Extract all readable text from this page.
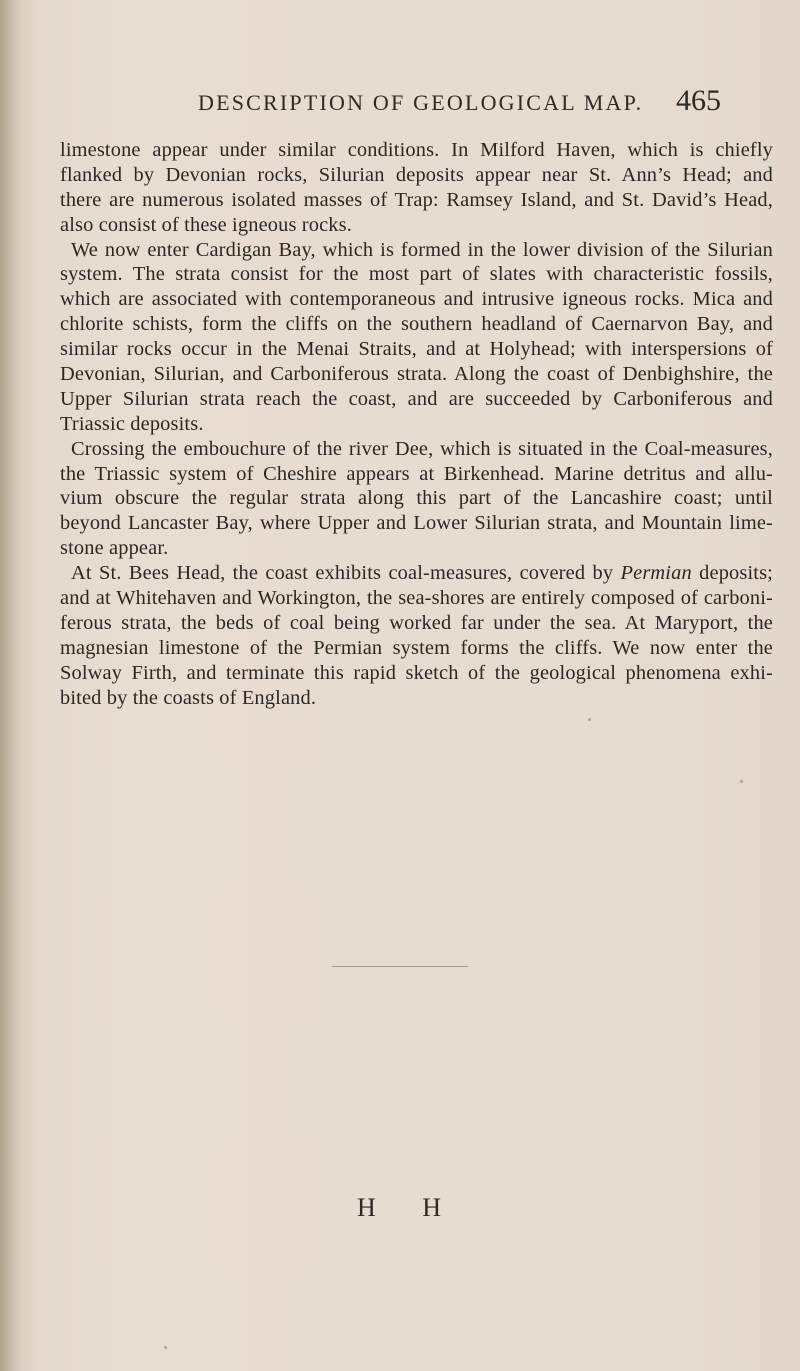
DESCRIPTION OF GEOLOGICAL MAP. 465
limestone appear under similar conditions. In Milford Haven, which is chiefly
flanked by Devonian rocks, Silurian deposits appear near St. Ann’s Head; and
there are numerous isolated masses of Trap: Ramsey Island, and St. David’s Head,
also consist of these igneous rocks.
We now enter Cardigan Bay, which is formed in the lower division of the Silurian
system. The strata consist for the most part of slates with characteristic fossils,
which are associated with contemporaneous and intrusive igneous rocks. Mica and
chlorite schists, form the cliffs on the southern headland of Caernarvon Bay, and
similar rocks occur in the Menai Straits, and at Holyhead; with interspersions of
Devonian, Silurian, and Carboniferous strata. Along the coast of Denbighshire, the
Upper Silurian strata reach the coast, and are succeeded by Carboniferous and
Triassic deposits.
Crossing the embouchure of the river Dee, which is situated in the Coal-measures,
the Triassic system of Cheshire appears at Birkenhead. Marine detritus and allu-
vium obscure the regular strata along this part of the Lancashire coast; until
beyond Lancaster Bay, where Upper and Lower Silurian strata, and Mountain lime-
stone appear.
At St. Bees Head, the coast exhibits coal-measures, covered by Permian deposits;
and at Whitehaven and Workington, the sea-shores are entirely composed of carboni-
ferous strata, the beds of coal being worked far under the sea. At Maryport, the
magnesian limestone of the Permian system forms the cliffs. We now enter the
Solway Firth, and terminate this rapid sketch of the geological phenomena exhi-
bited by the coasts of England.
H H
